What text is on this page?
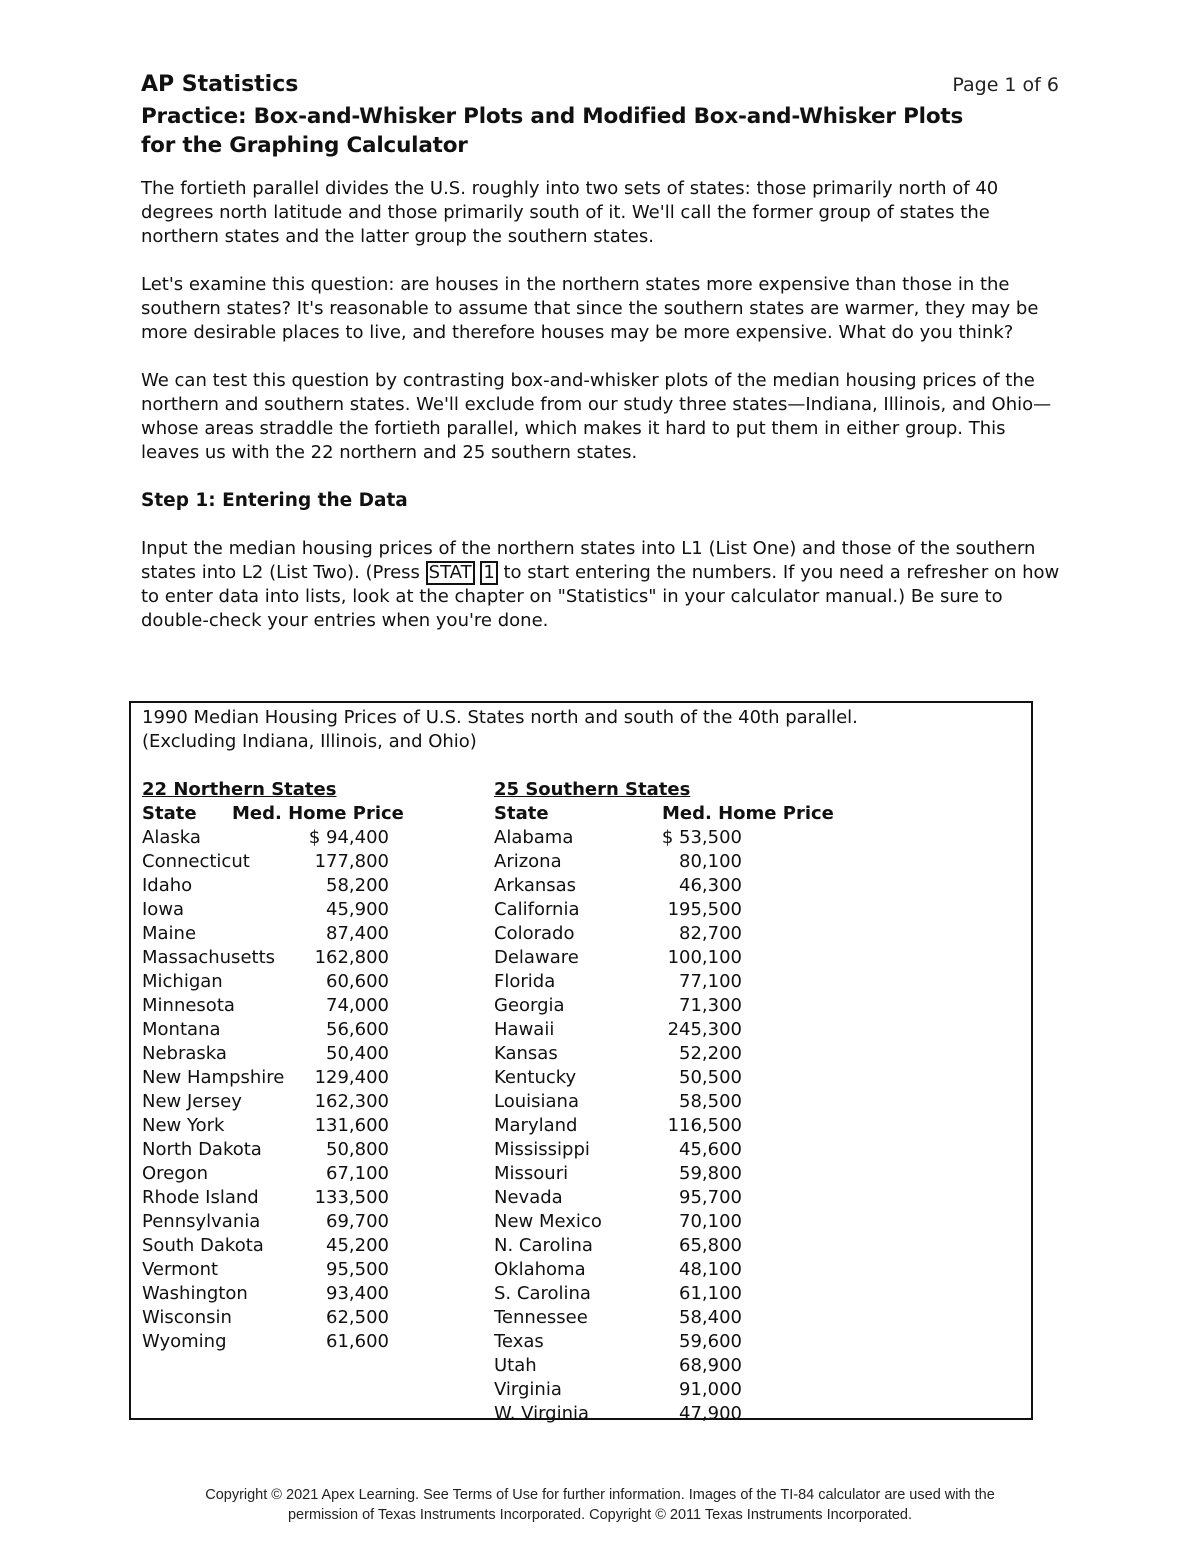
AP Statistics	Page 1 of 6
Practice: Box-and-Whisker Plots and Modified Box-and-Whisker Plots
for the Graphing Calculator

The fortieth parallel divides the U.S. roughly into two sets of states: those primarily north of 40 degrees north latitude and those primarily south of it. We'll call the former group of states the northern states and the latter group the southern states.

Let's examine this question: are houses in the northern states more expensive than those in the southern states? It's reasonable to assume that since the southern states are warmer, they may be more desirable places to live, and therefore houses may be more expensive. What do you think?

We can test this question by contrasting box-and-whisker plots of the median housing prices of the northern and southern states. We'll exclude from our study three states—Indiana, Illinois, and Ohio—whose areas straddle the fortieth parallel, which makes it hard to put them in either group. This leaves us with the 22 northern and 25 southern states.

Step 1: Entering the Data

Input the median housing prices of the northern states into L1 (List One) and those of the southern states into L2 (List Two). (Press STAT 1 to start entering the numbers. If you need a refresher on how to enter data into lists, look at the chapter on "Statistics" in your calculator manual.) Be sure to double-check your entries when you're done.

1990 Median Housing Prices of U.S. States north and south of the 40th parallel.
(Excluding Indiana, Illinois, and Ohio)
22 Northern States
State Med. Home Price
Alaska	$ 94,400
Connecticut	177,800
Idaho	58,200
Iowa	45,900
Maine	87,400
Massachusetts 162,800
Michigan	60,600
Minnesota	74,000
Montana	56,600
Nebraska	50,400
New Hampshire 129,400
New Jersey	162,300
New York	131,600
North Dakota	50,800
Oregon	67,100
Rhode Island	133,500
Pennsylvania	69,700
South Dakota	45,200
Vermont	95,500
Washington	93,400
Wisconsin	62,500
Wyoming	61,600
25 Southern States
State	Med. Home Price
Alabama	$ 53,500
Arizona	80,100
Arkansas	46,300
California	195,500
Colorado	82,700
Delaware	100,100
Florida	77,100
Georgia	71,300
Hawaii	245,300
Kansas	52,200
Kentucky	50,500
Louisiana	58,500
Maryland	116,500
Mississippi	45,600
Missouri	59,800
Nevada	95,700
New Mexico	70,100
N. Carolina	65,800
Oklahoma	48,100
S. Carolina	61,100
Tennessee	58,400
Texas	59,600
Utah	68,900
Virginia	91,000
W. Virginia	47,900
Copyright © 2021 Apex Learning. See Terms of Use for further information. Images of the TI-84 calculator are used with the
permission of Texas Instruments Incorporated. Copyright © 2011 Texas Instruments Incorporated.
